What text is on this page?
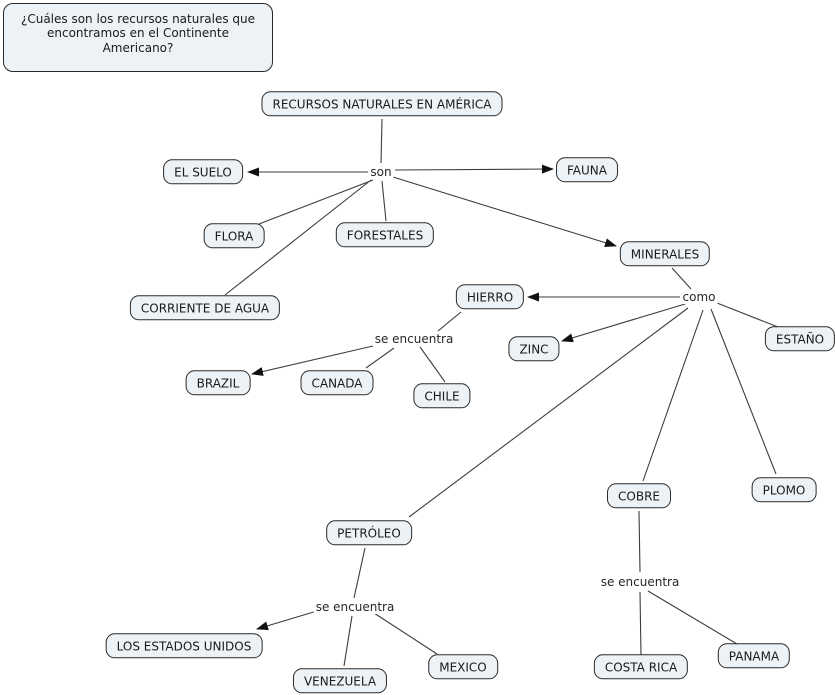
¿Cuáles son los recursos naturales que encontramos en el Continente Americano?
RECURSOS NATURALES EN AMÉRICA
EL SUELO	FAUNA
FLORA	FORESTALES
MINERALES
CORRIENTE DE AGUA
HIERRO
ZINC
ESTAÑO
PLOMO
COBRE
PETRÓLEO
BRAZIL	CANADA
CHILE
LOS ESTADOS UNIDOS
VENEZUELA
MEXICO	COSTA RICA
PANAMA
son
como
se encuentra
se encuentra
se encuentra
